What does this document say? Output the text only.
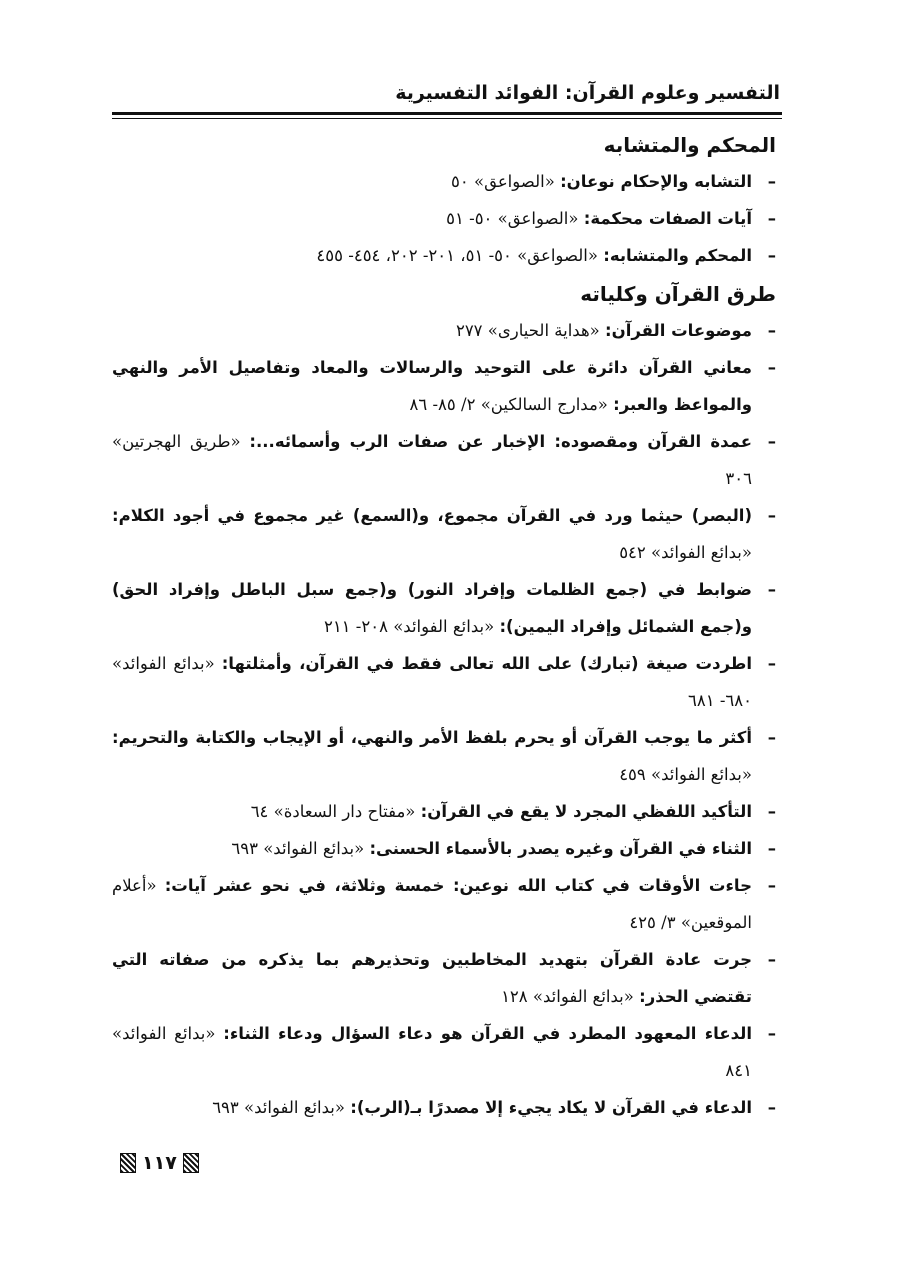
التفسير وعلوم القرآن: الفوائد التفسيرية
المحكم والمتشابه
–
التشابه والإحكام نوعان: «الصواعق» ٥٠
–
آيات الصفات محكمة: «الصواعق» ٥٠- ٥١
–
المحكم والمتشابه: «الصواعق» ٥٠- ٥١، ٢٠١- ٢٠٢، ٤٥٤- ٤٥٥
طرق القرآن وكلياته
–
موضوعات القرآن: «هداية الحيارى» ٢٧٧
–
معاني القرآن دائرة على التوحيد والرسالات والمعاد وتفاصيل الأمر والنهي والمواعظ والعبر: «مدارج السالكين» ٢/ ٨٥- ٨٦
–
عمدة القرآن ومقصوده: الإخبار عن صفات الرب وأسمائه...: «طريق الهجرتين» ٣٠٦
–
(البصر) حيثما ورد في القرآن مجموع، و(السمع) غير مجموع في أجود الكلام: «بدائع الفوائد» ٥٤٢
–
ضوابط في (جمع الظلمات وإفراد النور) و(جمع سبل الباطل وإفراد الحق) و(جمع الشمائل وإفراد اليمين): «بدائع الفوائد» ٢٠٨- ٢١١
–
اطردت صيغة (تبارك) على الله تعالى فقط في القرآن، وأمثلتها: «بدائع الفوائد» ٦٨٠- ٦٨١
–
أكثر ما يوجب القرآن أو يحرم بلفظ الأمر والنهي، أو الإيجاب والكتابة والتحريم: «بدائع الفوائد» ٤٥٩
–
التأكيد اللفظي المجرد لا يقع في القرآن: «مفتاح دار السعادة» ٦٤
–
الثناء في القرآن وغيره يصدر بالأسماء الحسنى: «بدائع الفوائد» ٦٩٣
–
جاءت الأوقات في كتاب الله نوعين: خمسة وثلاثة، في نحو عشر آيات: «أعلام الموقعين» ٣/ ٤٢٥
–
جرت عادة القرآن بتهديد المخاطبين وتحذيرهم بما يذكره من صفاته التي تقتضي الحذر: «بدائع الفوائد» ١٢٨
–
الدعاء المعهود المطرد في القرآن هو دعاء السؤال ودعاء الثناء: «بدائع الفوائد» ٨٤١
–
الدعاء في القرآن لا يكاد يجيء إلا مصدرًا بـ(الرب): «بدائع الفوائد» ٦٩٣
١١٧
